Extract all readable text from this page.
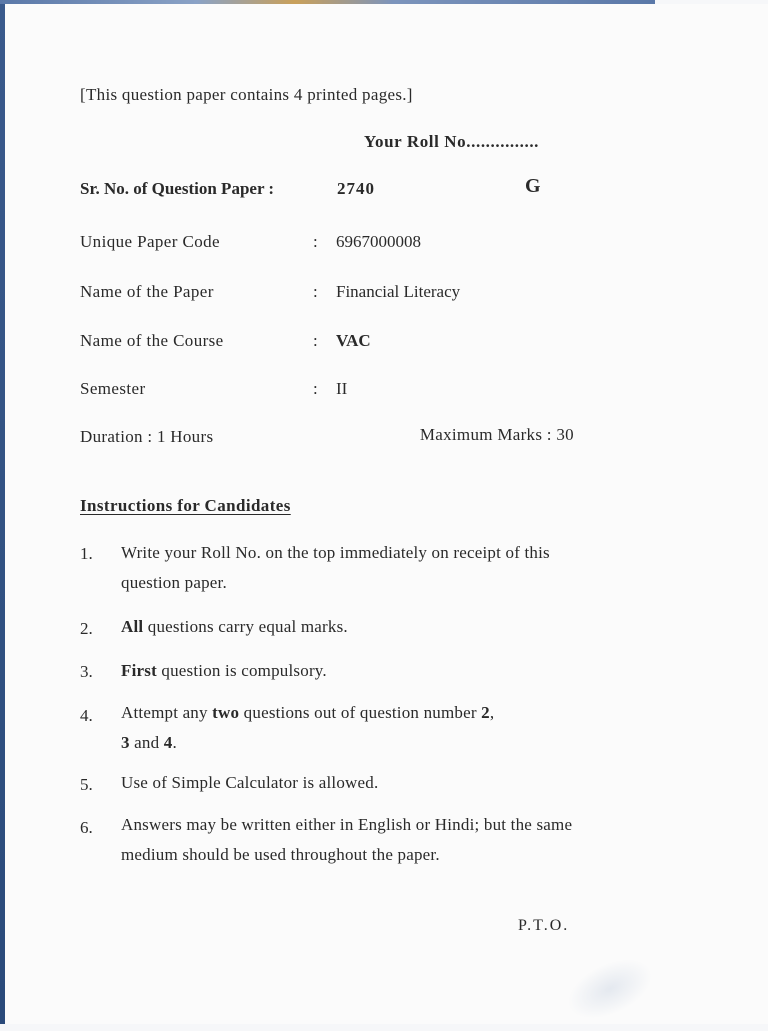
[This question paper contains 4 printed pages.]
Your Roll No...............
Sr. No. of Question Paper :	2740	G
Unique Paper Code	: 6967000008
Name of the Paper	: Financial Literacy
Name of the Course	: VAC
Semester	: II
Duration : 1 Hours	Maximum Marks : 30
Instructions for Candidates
1. Write your Roll No. on the top immediately on receipt of this question paper.
2. All questions carry equal marks.
3. First question is compulsory.
4. Attempt any two questions out of question number 2,
3 and 4.
5. Use of Simple Calculator is allowed.
6. Answers may be written either in English or Hindi; but the same medium should be used throughout the paper.
P.T.O.
